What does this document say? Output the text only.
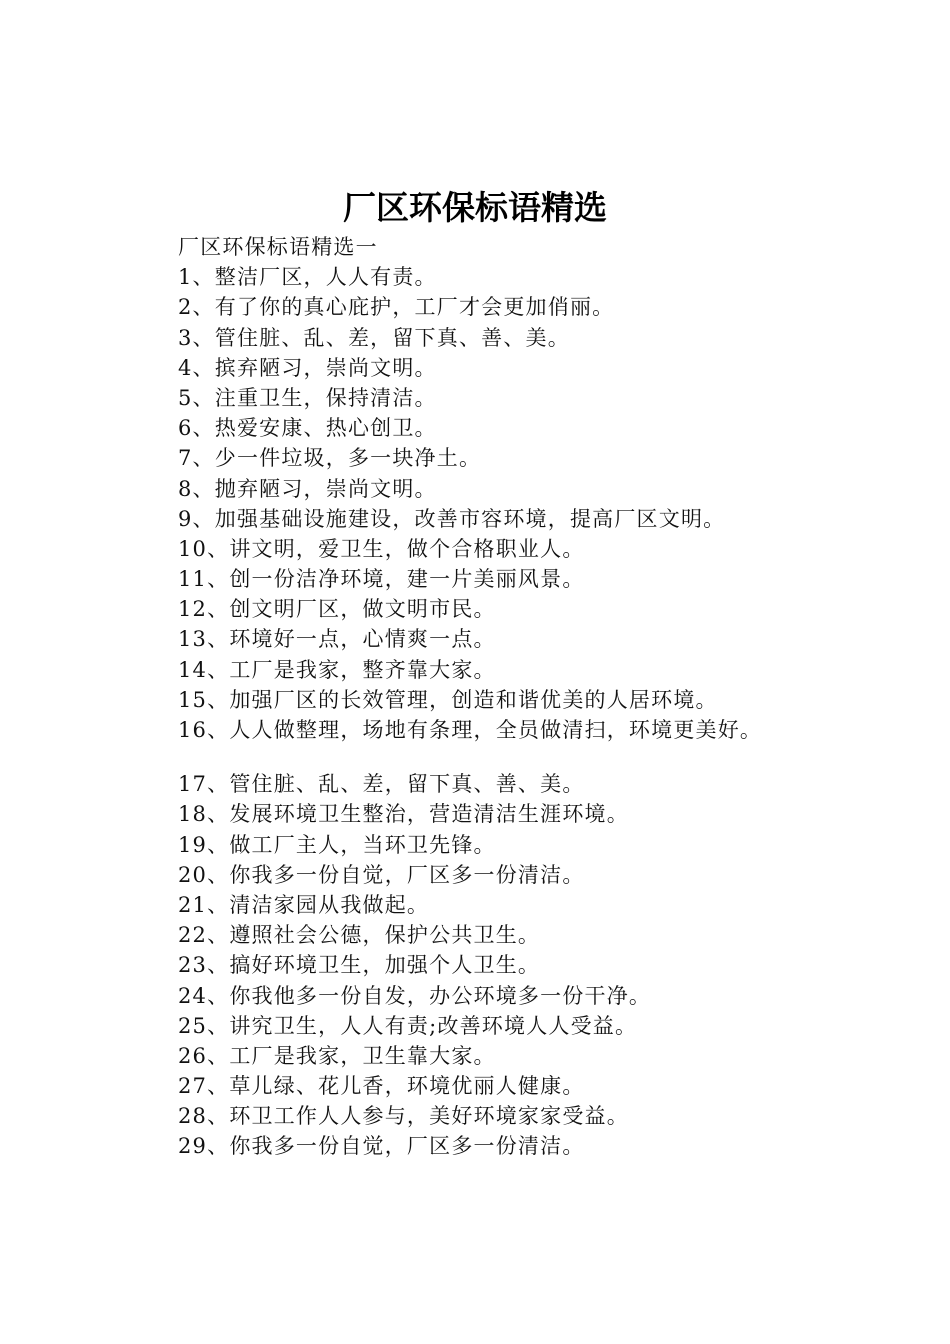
厂区环保标语精选
厂区环保标语精选一
1、整洁厂区，人人有责。
2、有了你的真心庇护，工厂才会更加俏丽。
3、管住脏、乱、差，留下真、善、美。
4、摈弃陋习，崇尚文明。
5、注重卫生，保持清洁。
6、热爱安康、热心创卫。
7、少一件垃圾，多一块净土。
8、抛弃陋习，崇尚文明。
9、加强基础设施建设，改善市容环境，提高厂区文明。
10、讲文明，爱卫生，做个合格职业人。
11、创一份洁净环境，建一片美丽风景。
12、创文明厂区，做文明市民。
13、环境好一点，心情爽一点。
14、工厂是我家，整齐靠大家。
15、加强厂区的长效管理，创造和谐优美的人居环境。
16、人人做整理，场地有条理，全员做清扫，环境更美好。
17、管住脏、乱、差，留下真、善、美。
18、发展环境卫生整治，营造清洁生涯环境。
19、做工厂主人，当环卫先锋。
20、你我多一份自觉，厂区多一份清洁。
21、清洁家园从我做起。
22、遵照社会公德，保护公共卫生。
23、搞好环境卫生，加强个人卫生。
24、你我他多一份自发，办公环境多一份干净。
25、讲究卫生，人人有责;改善环境人人受益。
26、工厂是我家，卫生靠大家。
27、草儿绿、花儿香，环境优丽人健康。
28、环卫工作人人参与，美好环境家家受益。
29、你我多一份自觉，厂区多一份清洁。
